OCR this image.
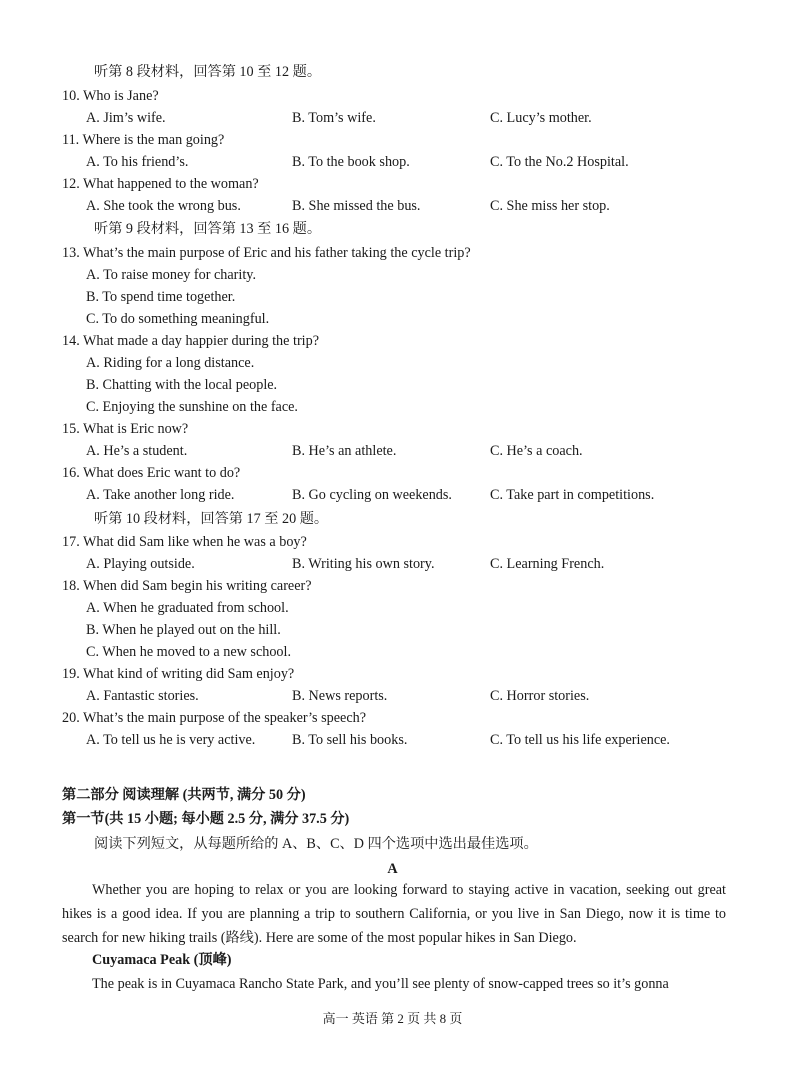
听第 8 段材料，回答第 10 至 12 题。
10. Who is Jane?
A. Jim’s wife.	B. Tom’s wife.	C. Lucy’s mother.
11. Where is the man going?
A. To his friend’s.	B. To the book shop.	C. To the No.2 Hospital.
12. What happened to the woman?
A. She took the wrong bus.	B. She missed the bus.	C. She miss her stop.
听第 9 段材料，回答第 13 至 16 题。
13. What’s the main purpose of Eric and his father taking the cycle trip?
A. To raise money for charity.
B. To spend time together.
C. To do something meaningful.
14. What made a day happier during the trip?
A. Riding for a long distance.
B. Chatting with the local people.
C. Enjoying the sunshine on the face.
15. What is Eric now?
A. He’s a student.	B. He’s an athlete.	C. He’s a coach.
16. What does Eric want to do?
A. Take another long ride.	B. Go cycling on weekends.	C. Take part in competitions.
听第 10 段材料，回答第 17 至 20 题。
17. What did Sam like when he was a boy?
A. Playing outside.	B. Writing his own story.	C. Learning French.
18. When did Sam begin his writing career?
A. When he graduated from school.
B. When he played out on the hill.
C. When he moved to a new school.
19. What kind of writing did Sam enjoy?
A. Fantastic stories.	B. News reports.	C. Horror stories.
20. What’s the main purpose of the speaker’s speech?
A. To tell us he is very active.	B. To sell his books.	C. To tell us his life experience.
第二部分 阅读理解 (共两节, 满分 50 分)
第一节(共 15 小题; 每小题 2.5 分, 满分 37.5 分)
阅读下列短文，从每题所给的 A、B、C、D 四个选项中选出最佳选项。
A
Whether you are hoping to relax or you are looking forward to staying active in vacation, seeking out great hikes is a good idea. If you are planning a trip to southern California, or you live in San Diego, now it is time to search for new hiking trails (路线). Here are some of the most popular hikes in San Diego.
Cuyamaca Peak (顶峰)
The peak is in Cuyamaca Rancho State Park, and you’ll see plenty of snow-capped trees so it’s gonna
高一 英语 第 2 页 共 8 页
